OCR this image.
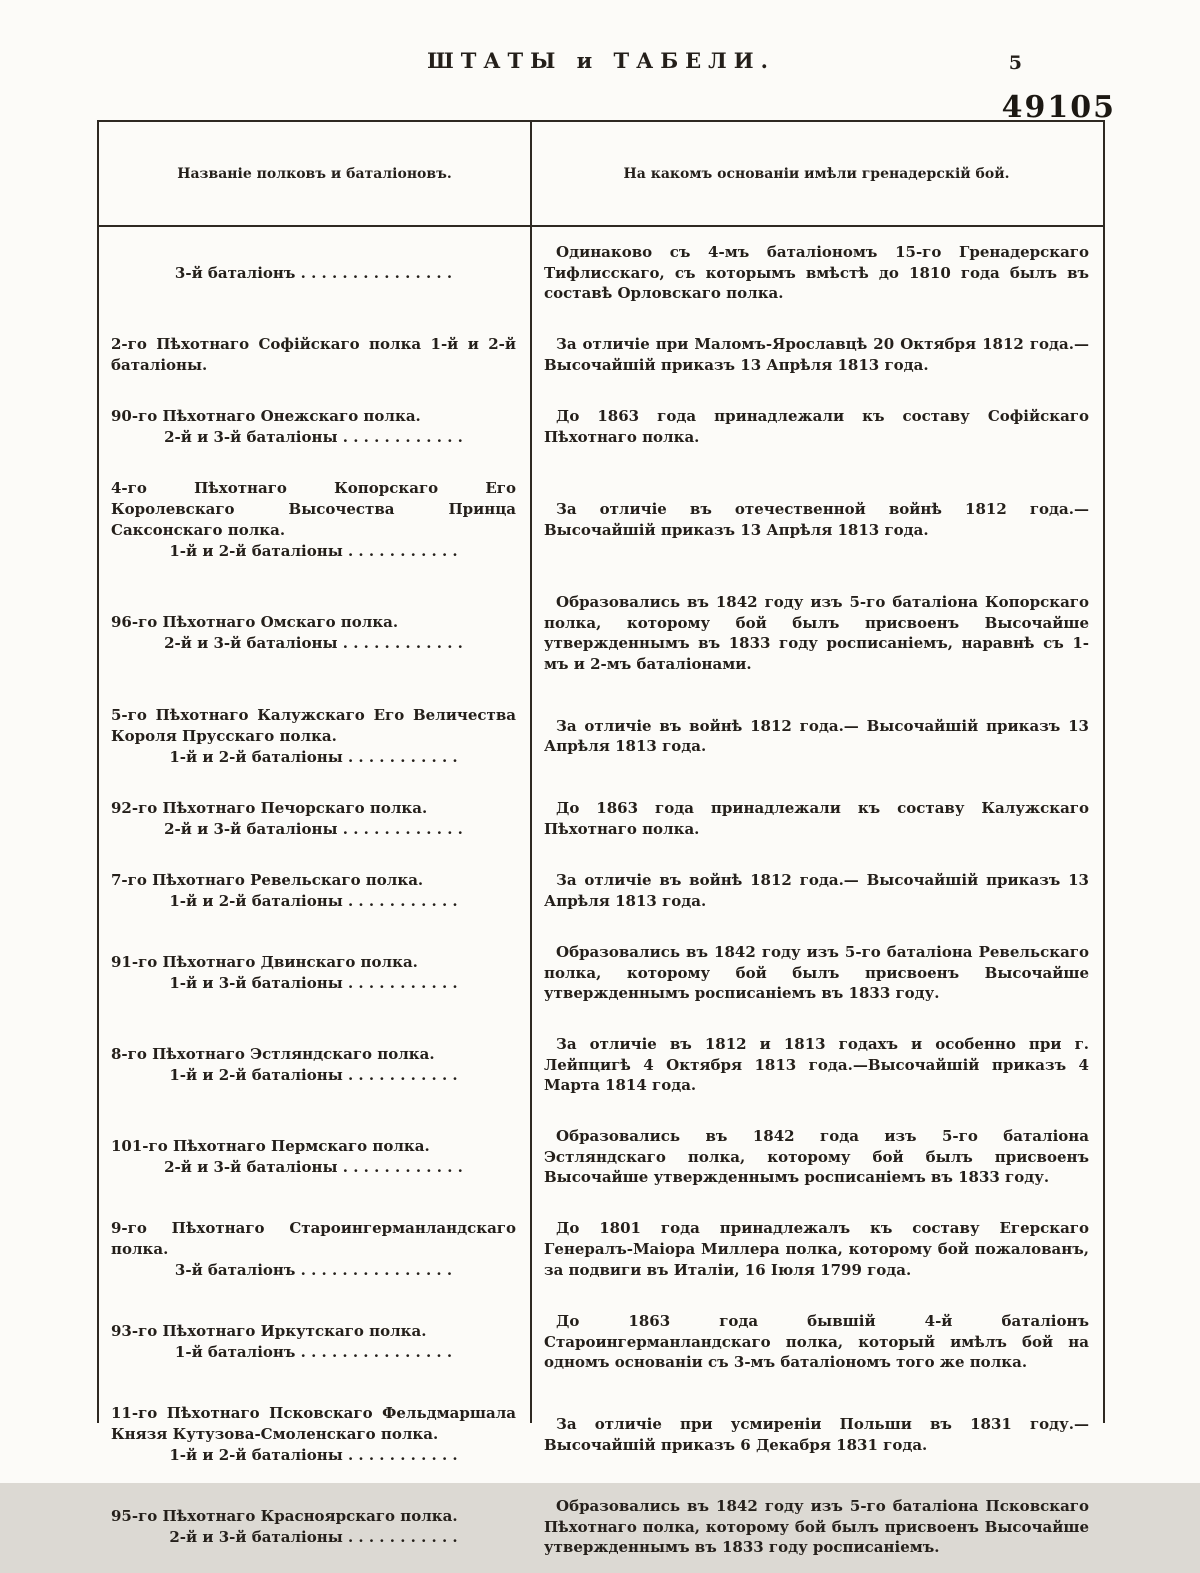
ШТАТЫ и ТАБЕЛИ.	5
49105
Названіе полковъ и баталіоновъ.	На какомъ основаніи имѣли гренадерскій бой.

3-й баталіонъ . . . . . . . . . . . . . . .

Одинаково съ 4-мъ баталіономъ 15-го Гренадерскаго Тифлисскаго, съ которымъ вмѣстѣ до 1810 года былъ въ составѣ Орловскаго полка.

2-го Пѣхотнаго Софійскаго полка 1-й и 2-й баталіоны.

За отличіе при Маломъ-Ярославцѣ 20 Октября 1812 года.— Высочайшій приказъ 13 Апрѣля 1813 года.

90-го Пѣхотнаго Онежскаго полка.
2-й и 3-й баталіоны . . . . . . . . . . . .

До 1863 года принадлежали къ составу Софійскаго Пѣхотнаго полка.

4-го Пѣхотнаго Копорскаго Его Королевскаго Высочества Принца Саксонскаго полка.
1-й и 2-й баталіоны . . . . . . . . . . .

За отличіе въ отечественной войнѣ 1812 года.— Высочайшій приказъ 13 Апрѣля 1813 года.

96-го Пѣхотнаго Омскаго полка.
2-й и 3-й баталіоны . . . . . . . . . . . .

Образовались въ 1842 году изъ 5-го баталіона Копорскаго полка, которому бой былъ присвоенъ Высочайше утвержденнымъ въ 1833 году росписаніемъ, наравнѣ съ 1-мъ и 2-мъ баталіонами.

5-го Пѣхотнаго Калужскаго Его Величества Короля Прусскаго полка.
1-й и 2-й баталіоны . . . . . . . . . . .

За отличіе въ войнѣ 1812 года.— Высочайшій приказъ 13 Апрѣля 1813 года.

92-го Пѣхотнаго Печорскаго полка.
2-й и 3-й баталіоны . . . . . . . . . . . .

До 1863 года принадлежали къ составу Калужскаго Пѣхотнаго полка.

7-го Пѣхотнаго Ревельскаго полка.
1-й и 2-й баталіоны . . . . . . . . . . .

За отличіе въ войнѣ 1812 года.— Высочайшій приказъ 13 Апрѣля 1813 года.

91-го Пѣхотнаго Двинскаго полка.
1-й и 3-й баталіоны . . . . . . . . . . .

Образовались въ 1842 году изъ 5-го баталіона Ревельскаго полка, которому бой былъ присвоенъ Высочайше утвержденнымъ росписаніемъ въ 1833 году.

8-го Пѣхотнаго Эстляндскаго полка.
1-й и 2-й баталіоны . . . . . . . . . . .

За отличіе въ 1812 и 1813 годахъ и особенно при г. Лейпцигѣ 4 Октября 1813 года.—Высочайшій приказъ 4 Марта 1814 года.

101-го Пѣхотнаго Пермскаго полка.
2-й и 3-й баталіоны . . . . . . . . . . . .

Образовались въ 1842 года изъ 5-го баталіона Эстляндскаго полка, которому бой былъ присвоенъ Высочайше утвержденнымъ росписаніемъ въ 1833 году.

9-го Пѣхотнаго Староингерманландскаго полка.
3-й баталіонъ . . . . . . . . . . . . . . .

До 1801 года принадлежалъ къ составу Егерскаго Генералъ-Маіора Миллера полка, которому бой пожалованъ, за подвиги въ Италіи, 16 Іюля 1799 года.

93-го Пѣхотнаго Иркутскаго полка.
1-й баталіонъ . . . . . . . . . . . . . . .

До 1863 года бывшій 4-й баталіонъ Староингерманландскаго полка, который имѣлъ бой на одномъ основаніи съ 3-мъ баталіономъ того же полка.

11-го Пѣхотнаго Псковскаго Фельдмаршала Князя Кутузова-Смоленскаго полка.
1-й и 2-й баталіоны . . . . . . . . . . .

За отличіе при усмиреніи Польши въ 1831 году.— Высочайшій приказъ 6 Декабря 1831 года.

95-го Пѣхотнаго Красноярскаго полка.
2-й и 3-й баталіоны . . . . . . . . . . .

Образовались въ 1842 году изъ 5-го баталіона Псковскаго Пѣхотнаго полка, которому бой былъ присвоенъ Высочайше утвержденнымъ въ 1833 году росписаніемъ.
